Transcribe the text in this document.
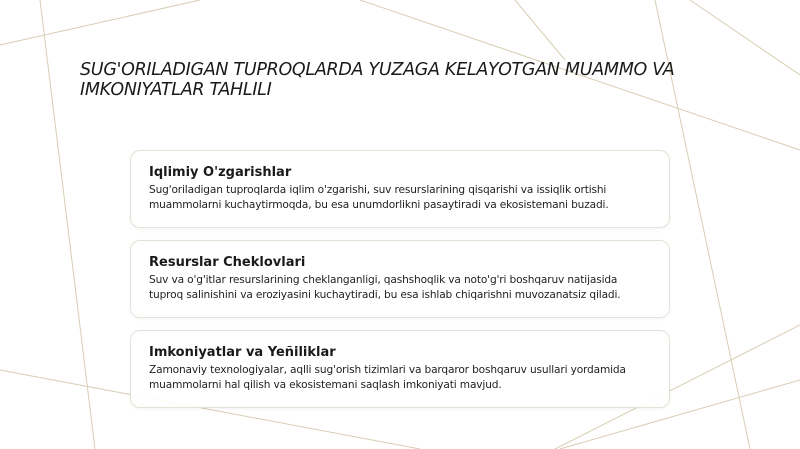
SUG'ORILADIGAN TUPROQLARDA YUZAGA KELAYOTGAN MUAMMO VA IMKONIYATLAR TAHLILI
Iqlimiy O'zgarishlar

Sug'oriladigan tuproqlarda iqlim o'zgarishi, suv resurslarining qisqarishi va issiqlik ortishi muammolarni kuchaytirmoqda, bu esa unumdorlikni pasaytiradi va ekosistemani buzadi.

Resurslar Cheklovlari

Suv va o'g'itlar resurslarining cheklanganligi, qashshoqlik va noto'g'ri boshqaruv natijasida tuproq salinishini va eroziyasini kuchaytiradi, bu esa ishlab chiqarishni muvozanatsiz qiladi.

Imkoniyatlar va Yeñiliklar

Zamonaviy texnologiyalar, aqlli sug'orish tizimlari va barqaror boshqaruv usullari yordamida muammolarni hal qilish va ekosistemani saqlash imkoniyati mavjud.
